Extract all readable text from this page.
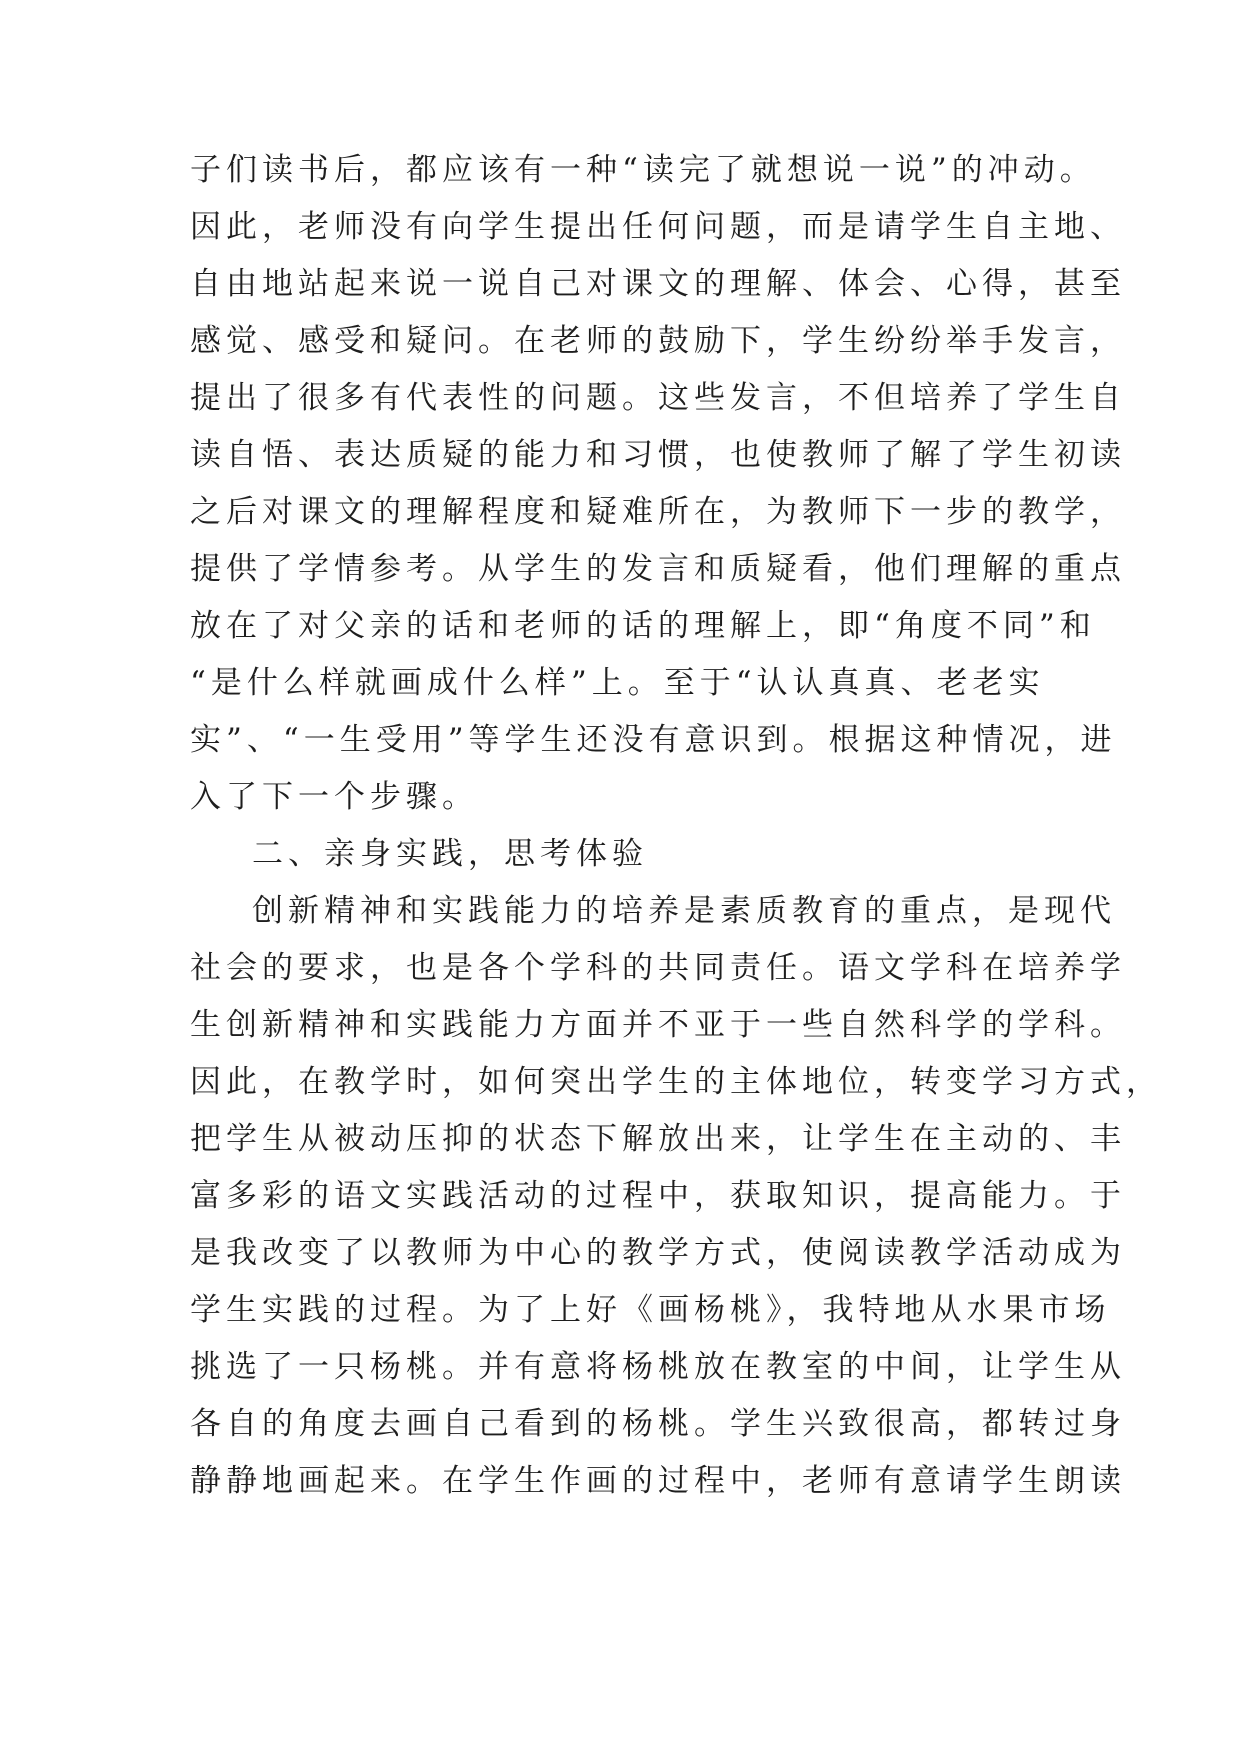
子们读书后，都应该有一种“读完了就想说一说”的冲动。
因此，老师没有向学生提出任何问题，而是请学生自主地、
自由地站起来说一说自己对课文的理解、体会、心得，甚至
感觉、感受和疑问。在老师的鼓励下，学生纷纷举手发言，
提出了很多有代表性的问题。这些发言，不但培养了学生自
读自悟、表达质疑的能力和习惯，也使教师了解了学生初读
之后对课文的理解程度和疑难所在，为教师下一步的教学，
提供了学情参考。从学生的发言和质疑看，他们理解的重点
放在了对父亲的话和老师的话的理解上，即“角度不同”和
“是什么样就画成什么样”上。至于“认认真真、老老实
实”、“一生受用”等学生还没有意识到。根据这种情况，进
入了下一个步骤。
二、亲身实践，思考体验
创新精神和实践能力的培养是素质教育的重点，是现代
社会的要求，也是各个学科的共同责任。语文学科在培养学
生创新精神和实践能力方面并不亚于一些自然科学的学科。
因此，在教学时，如何突出学生的主体地位，转变学习方式，
把学生从被动压抑的状态下解放出来，让学生在主动的、丰
富多彩的语文实践活动的过程中，获取知识，提高能力。于
是我改变了以教师为中心的教学方式，使阅读教学活动成为
学生实践的过程。为了上好《画杨桃》，我特地从水果市场
挑选了一只杨桃。并有意将杨桃放在教室的中间，让学生从
各自的角度去画自己看到的杨桃。学生兴致很高，都转过身
静静地画起来。在学生作画的过程中，老师有意请学生朗读
